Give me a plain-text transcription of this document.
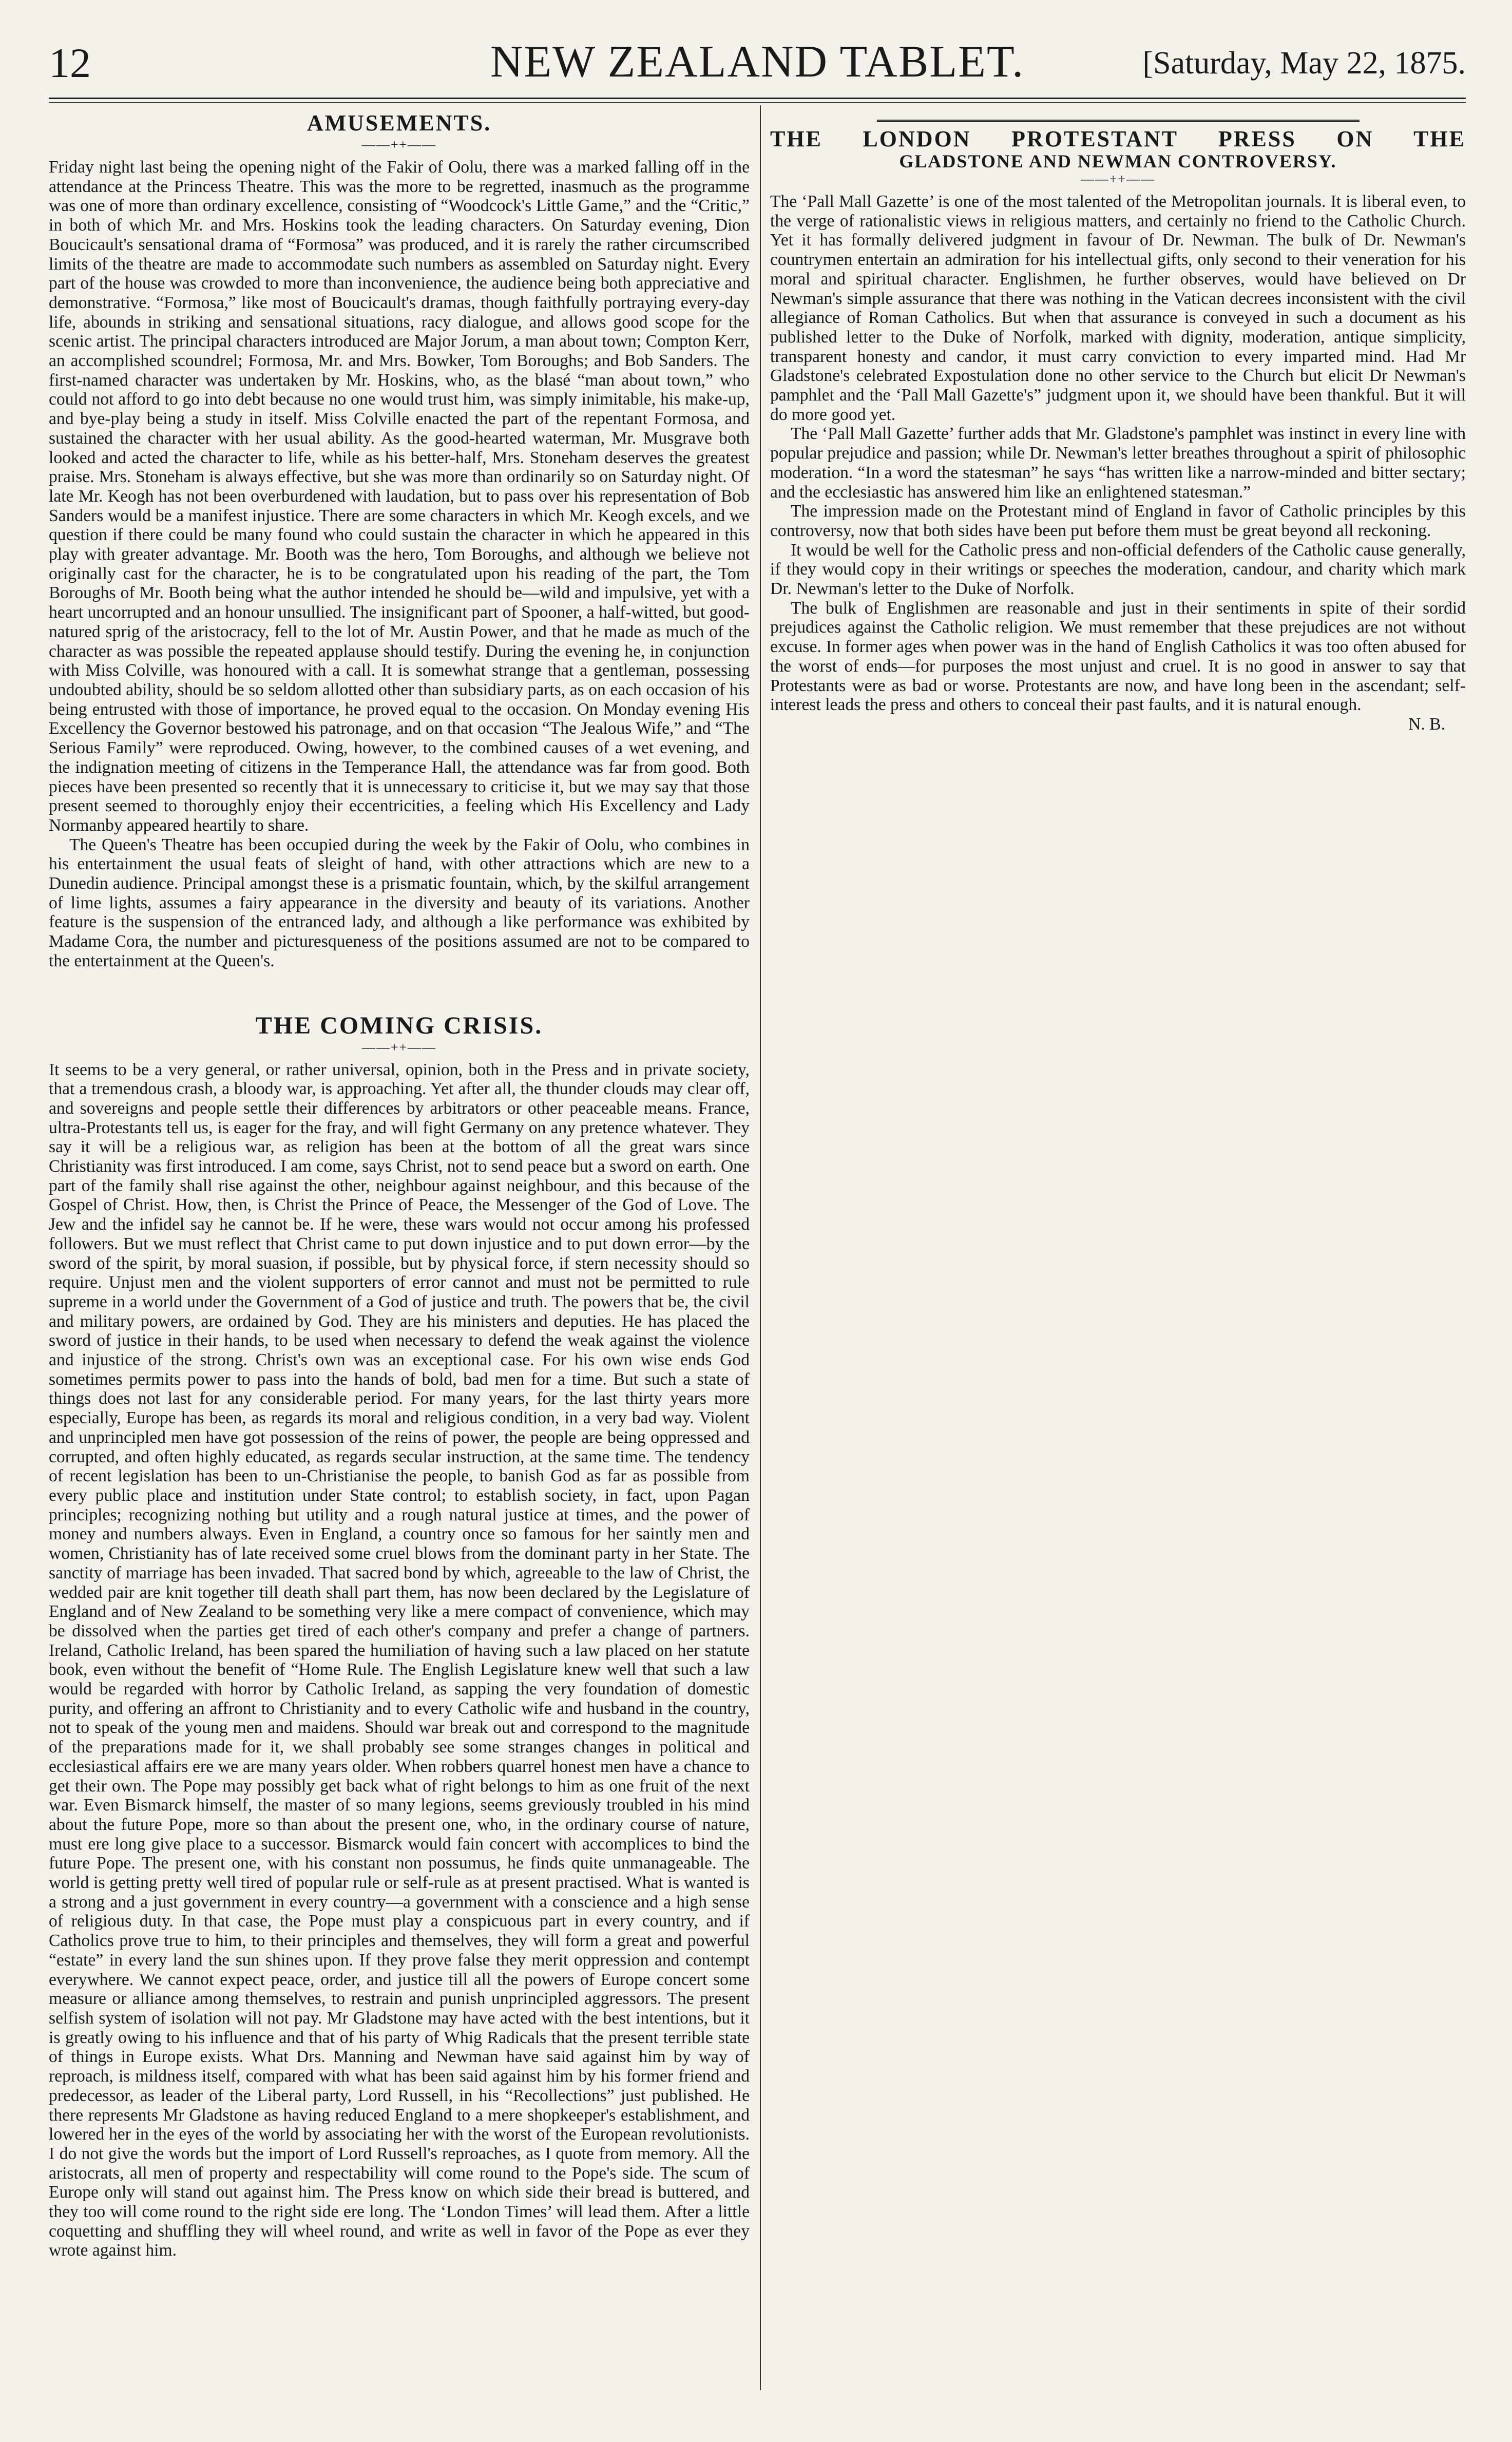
12	NEW ZEALAND TABLET.	[Saturday, May 22, 1875.
AMUSEMENTS.
——++——

Friday night last being the opening night of the Fakir of Oolu, there was a marked falling off in the attendance at the Princess Theatre. This was the more to be regretted, inasmuch as the programme was one of more than ordinary excellence, consisting of “Woodcock's Little Game,” and the “Critic,” in both of which Mr. and Mrs. Hoskins took the leading characters. On Saturday evening, Dion Boucicault's sensational drama of “Formosa” was produced, and it is rarely the rather circumscribed limits of the theatre are made to accommodate such numbers as assembled on Saturday night. Every part of the house was crowded to more than inconvenience, the audience being both appreciative and demonstrative. “Formosa,” like most of Boucicault's dramas, though faithfully portraying every-day life, abounds in striking and sensational situations, racy dialogue, and allows good scope for the scenic artist. The principal characters introduced are Major Jorum, a man about town; Compton Kerr, an accomplished scoundrel; Formosa, Mr. and Mrs. Bowker, Tom Boroughs; and Bob Sanders. The first-named character was undertaken by Mr. Hoskins, who, as the blasé “man about town,” who could not afford to go into debt because no one would trust him, was simply inimitable, his make-up, and bye-play being a study in itself. Miss Colville enacted the part of the repentant Formosa, and sustained the character with her usual ability. As the good-hearted waterman, Mr. Musgrave both looked and acted the character to life, while as his better-half, Mrs. Stoneham deserves the greatest praise. Mrs. Stoneham is always effective, but she was more than ordinarily so on Saturday night. Of late Mr. Keogh has not been overburdened with laudation, but to pass over his representation of Bob Sanders would be a manifest injustice. There are some characters in which Mr. Keogh excels, and we question if there could be many found who could sustain the character in which he appeared in this play with greater advantage. Mr. Booth was the hero, Tom Boroughs, and although we believe not originally cast for the character, he is to be congratulated upon his reading of the part, the Tom Boroughs of Mr. Booth being what the author intended he should be—wild and impulsive, yet with a heart uncorrupted and an honour unsullied. The insignificant part of Spooner, a half-witted, but good-natured sprig of the aristocracy, fell to the lot of Mr. Austin Power, and that he made as much of the character as was possible the repeated applause should testify. During the evening he, in conjunction with Miss Colville, was honoured with a call. It is somewhat strange that a gentleman, possessing undoubted ability, should be so seldom allotted other than subsidiary parts, as on each occasion of his being entrusted with those of importance, he proved equal to the occasion. On Monday evening His Excellency the Governor bestowed his patronage, and on that occasion “The Jealous Wife,” and “The Serious Family” were reproduced. Owing, however, to the combined causes of a wet evening, and the indignation meeting of citizens in the Temperance Hall, the attendance was far from good. Both pieces have been presented so recently that it is unnecessary to criticise it, but we may say that those present seemed to thoroughly enjoy their eccentricities, a feeling which His Excellency and Lady Normanby appeared heartily to share.

The Queen's Theatre has been occupied during the week by the Fakir of Oolu, who combines in his entertainment the usual feats of sleight of hand, with other attractions which are new to a Dunedin audience. Principal amongst these is a prismatic fountain, which, by the skilful arrangement of lime lights, assumes a fairy appearance in the diversity and beauty of its variations. Another feature is the suspension of the entranced lady, and although a like performance was exhibited by Madame Cora, the number and picturesqueness of the positions assumed are not to be compared to the entertainment at the Queen's.

THE COMING CRISIS.
——++——

It seems to be a very general, or rather universal, opinion, both in the Press and in private society, that a tremendous crash, a bloody war, is approaching. Yet after all, the thunder clouds may clear off, and sovereigns and people settle their differences by arbitrators or other peaceable means. France, ultra-Protestants tell us, is eager for the fray, and will fight Germany on any pretence whatever. They say it will be a religious war, as religion has been at the bottom of all the great wars since Christianity was first introduced. I am come, says Christ, not to send peace but a sword on earth. One part of the family shall rise against the other, neighbour against neighbour, and this because of the Gospel of Christ. How, then, is Christ the Prince of Peace, the Messenger of the God of Love. The Jew and the infidel say he cannot be. If he were, these wars would not occur among his professed followers. But we must reflect that Christ came to put down injustice and to put down error—by the sword of the spirit, by moral suasion, if possible, but by physical force, if stern necessity should so require. Unjust men and the violent supporters of error cannot and must not be permitted to rule supreme in a world under the Government of a God of justice and truth. The powers that be, the civil and military powers, are ordained by God. They are his ministers and deputies. He has placed the sword of justice in their hands, to be used when necessary to defend the weak against the violence and injustice of the strong. Christ's own was an exceptional case. For his own wise ends God sometimes permits power to pass into the hands of bold, bad men for a time. But such a state of things does not last for any considerable period. For many years, for the last thirty years more especially, Europe has been, as regards its moral and religious condition, in a very bad way. Violent and unprincipled men have got possession of the reins of power, the people are being oppressed and corrupted, and often highly educated, as regards secular instruction, at the same time. The tendency of recent legislation has been to un-Christianise the people, to banish God as far as possible from every public place and institution under State control; to establish society, in fact, upon Pagan principles; recognizing nothing but utility and a rough natural justice at times, and the power of money and numbers always. Even in England, a country once so famous for her saintly men and women, Christianity has of late received some cruel blows from the dominant party in her State. The sanctity of marriage has been invaded. That sacred bond by which, agreeable to the law of Christ, the wedded pair are knit together till death shall part them, has now been declared by the Legislature of England and of New Zealand to be something very like a mere compact of convenience, which may be dissolved when the parties get tired of each other's company and prefer a change of partners. Ireland, Catholic Ireland, has been spared the humiliation of having such a law placed on her statute book, even without the benefit of “Home Rule. The English Legislature knew well that such a law would be regarded with horror by Catholic Ireland, as sapping the very foundation of domestic purity, and offering an affront to Christianity and to every Catholic wife and husband in the country, not to speak of the young men and maidens. Should war break out and correspond to the magnitude of the preparations made for it, we shall probably see some stranges changes in political and ecclesiastical affairs ere we are many years older. When robbers quarrel honest men have a chance to get their own. The Pope may possibly get back what of right belongs to him as one fruit of the next war. Even Bismarck himself, the master of so many legions, seems greviously troubled in his mind about the future Pope, more so than about the present one, who, in the ordinary course of nature, must ere long give place to a successor. Bismarck would fain concert with accomplices to bind the future Pope. The present one, with his constant non possumus, he finds quite unmanageable. The world is getting pretty well tired of popular rule or self-rule as at present practised. What is wanted is a strong and a just government in every country—a government with a conscience and a high sense of religious duty. In that case, the Pope must play a conspicuous part in every country, and if Catholics prove true to him, to their principles and themselves, they will form a great and powerful “estate” in every land the sun shines upon. If they prove false they merit oppression and contempt everywhere. We cannot expect peace, order, and justice till all the powers of Europe concert some measure or alliance among themselves, to restrain and punish unprincipled aggressors. The present selfish system of isolation will not pay. Mr Gladstone may have acted with the best intentions, but it is greatly owing to his influence and that of his party of Whig Radicals that the present terrible state of things in Europe exists. What Drs. Manning and Newman have said against him by way of reproach, is mildness itself, compared with what has been said against him by his former friend and predecessor, as leader of the Liberal party, Lord Russell, in his “Recollections” just published. He there represents Mr Gladstone as having reduced England to a mere shopkeeper's establishment, and lowered her in the eyes of the world by associating her with the worst of the European revolutionists. I do not give the words but the import of Lord Russell's reproaches, as I quote from memory. All the aristocrats, all men of property and respectability will come round to the Pope's side. The scum of Europe only will stand out against him. The Press know on which side their bread is buttered, and they too will come round to the right side ere long. The ‘London Times’ will lead them. After a little coquetting and shuffling they will wheel round, and write as well in favor of the Pope as ever they wrote against him.

THE LONDON PROTESTANT PRESS ON THE
GLADSTONE AND NEWMAN CONTROVERSY.
——++——

The ‘Pall Mall Gazette’ is one of the most talented of the Metropolitan journals. It is liberal even, to the verge of rationalistic views in religious matters, and certainly no friend to the Catholic Church. Yet it has formally delivered judgment in favour of Dr. Newman. The bulk of Dr. Newman's countrymen entertain an admiration for his intellectual gifts, only second to their veneration for his moral and spiritual character. Englishmen, he further observes, would have believed on Dr Newman's simple assurance that there was nothing in the Vatican decrees inconsistent with the civil allegiance of Roman Catholics. But when that assurance is conveyed in such a document as his published letter to the Duke of Norfolk, marked with dignity, moderation, antique simplicity, transparent honesty and candor, it must carry conviction to every imparted mind. Had Mr Gladstone's celebrated Expostulation done no other service to the Church but elicit Dr Newman's pamphlet and the ‘Pall Mall Gazette's” judgment upon it, we should have been thankful. But it will do more good yet.

The ‘Pall Mall Gazette’ further adds that Mr. Gladstone's pamphlet was instinct in every line with popular prejudice and passion; while Dr. Newman's letter breathes throughout a spirit of philosophic moderation. “In a word the statesman” he says “has written like a narrow-minded and bitter sectary; and the ecclesiastic has answered him like an enlightened statesman.”

The impression made on the Protestant mind of England in favor of Catholic principles by this controversy, now that both sides have been put before them must be great beyond all reckoning.

It would be well for the Catholic press and non-official defenders of the Catholic cause generally, if they would copy in their writings or speeches the moderation, candour, and charity which mark Dr. Newman's letter to the Duke of Norfolk.

The bulk of Englishmen are reasonable and just in their sentiments in spite of their sordid prejudices against the Catholic religion. We must remember that these prejudices are not without excuse. In former ages when power was in the hand of English Catholics it was too often abused for the worst of ends—for purposes the most unjust and cruel. It is no good in answer to say that Protestants were as bad or worse. Protestants are now, and have long been in the ascendant; self-interest leads the press and others to conceal their past faults, and it is natural enough.

N. B.
